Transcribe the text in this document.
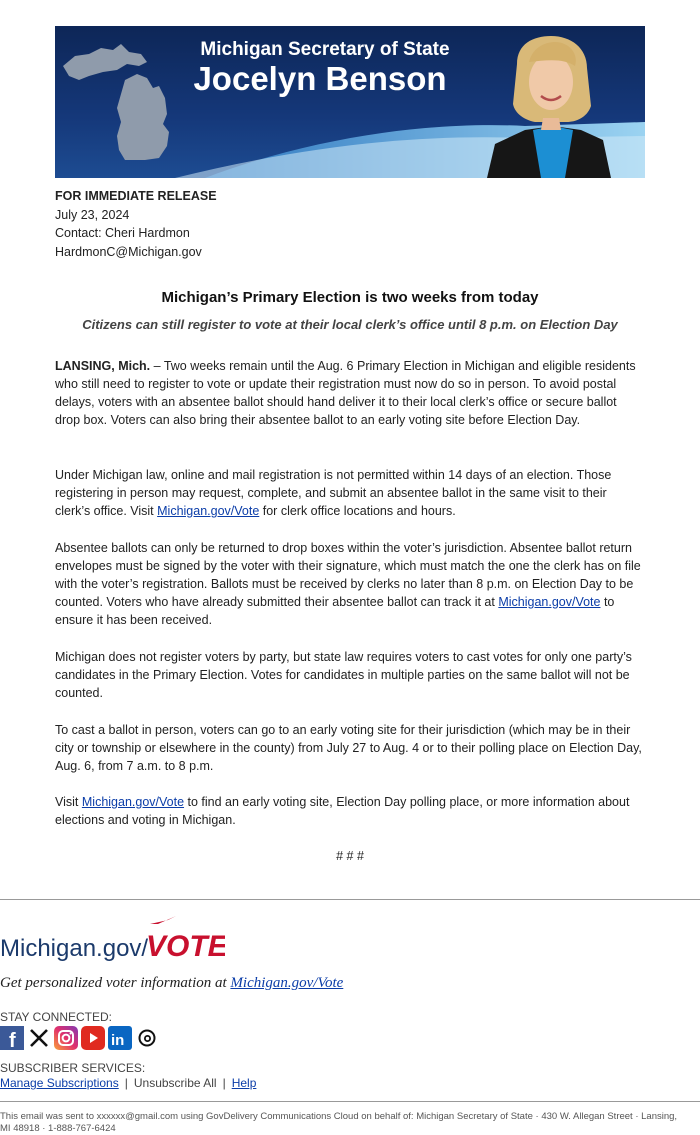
Michigan Secretary of State
Jocelyn Benson
FOR IMMEDIATE RELEASE
July 23, 2024
Contact: Cheri Hardmon
HardmonC@Michigan.gov
Michigan’s Primary Election is two weeks from today
Citizens can still register to vote at their local clerk’s office until 8 p.m. on Election Day
LANSING, Mich. – Two weeks remain until the Aug. 6 Primary Election in Michigan and eligible residents who still need to register to vote or update their registration must now do so in person. To avoid postal delays, voters with an absentee ballot should hand deliver it to their local clerk’s office or secure ballot drop box. Voters can also bring their absentee ballot to an early voting site before Election Day.
Under Michigan law, online and mail registration is not permitted within 14 days of an election. Those registering in person may request, complete, and submit an absentee ballot in the same visit to their clerk’s office. Visit Michigan.gov/Vote for clerk office locations and hours.
Absentee ballots can only be returned to drop boxes within the voter’s jurisdiction. Absentee ballot return envelopes must be signed by the voter with their signature, which must match the one the clerk has on file with the voter’s registration. Ballots must be received by clerks no later than 8 p.m. on Election Day to be counted. Voters who have already submitted their absentee ballot can track it at Michigan.gov/Vote to ensure it has been received.
Michigan does not register voters by party, but state law requires voters to cast votes for only one party’s candidates in the Primary Election. Votes for candidates in multiple parties on the same ballot will not be counted.
To cast a ballot in person, voters can go to an early voting site for their jurisdiction (which may be in their city or township or elsewhere in the county) from July 27 to Aug. 4 or to their polling place on Election Day, Aug. 6, from 7 a.m. to 8 p.m.
Visit Michigan.gov/Vote to find an early voting site, Election Day polling place, or more information about elections and voting in Michigan.
# # #
Michigan.gov/
VOTE
Get personalized voter information at Michigan.gov/Vote
STAY CONNECTED:
f	in
SUBSCRIBER SERVICES:
Manage Subscriptions | Unsubscribe All | Help
This email was sent to xxxxxx@gmail.com using GovDelivery Communications Cloud on behalf of: Michigan Secretary of State · 430 W. Allegan Street · Lansing, MI 48918 · 1-888-767-6424
